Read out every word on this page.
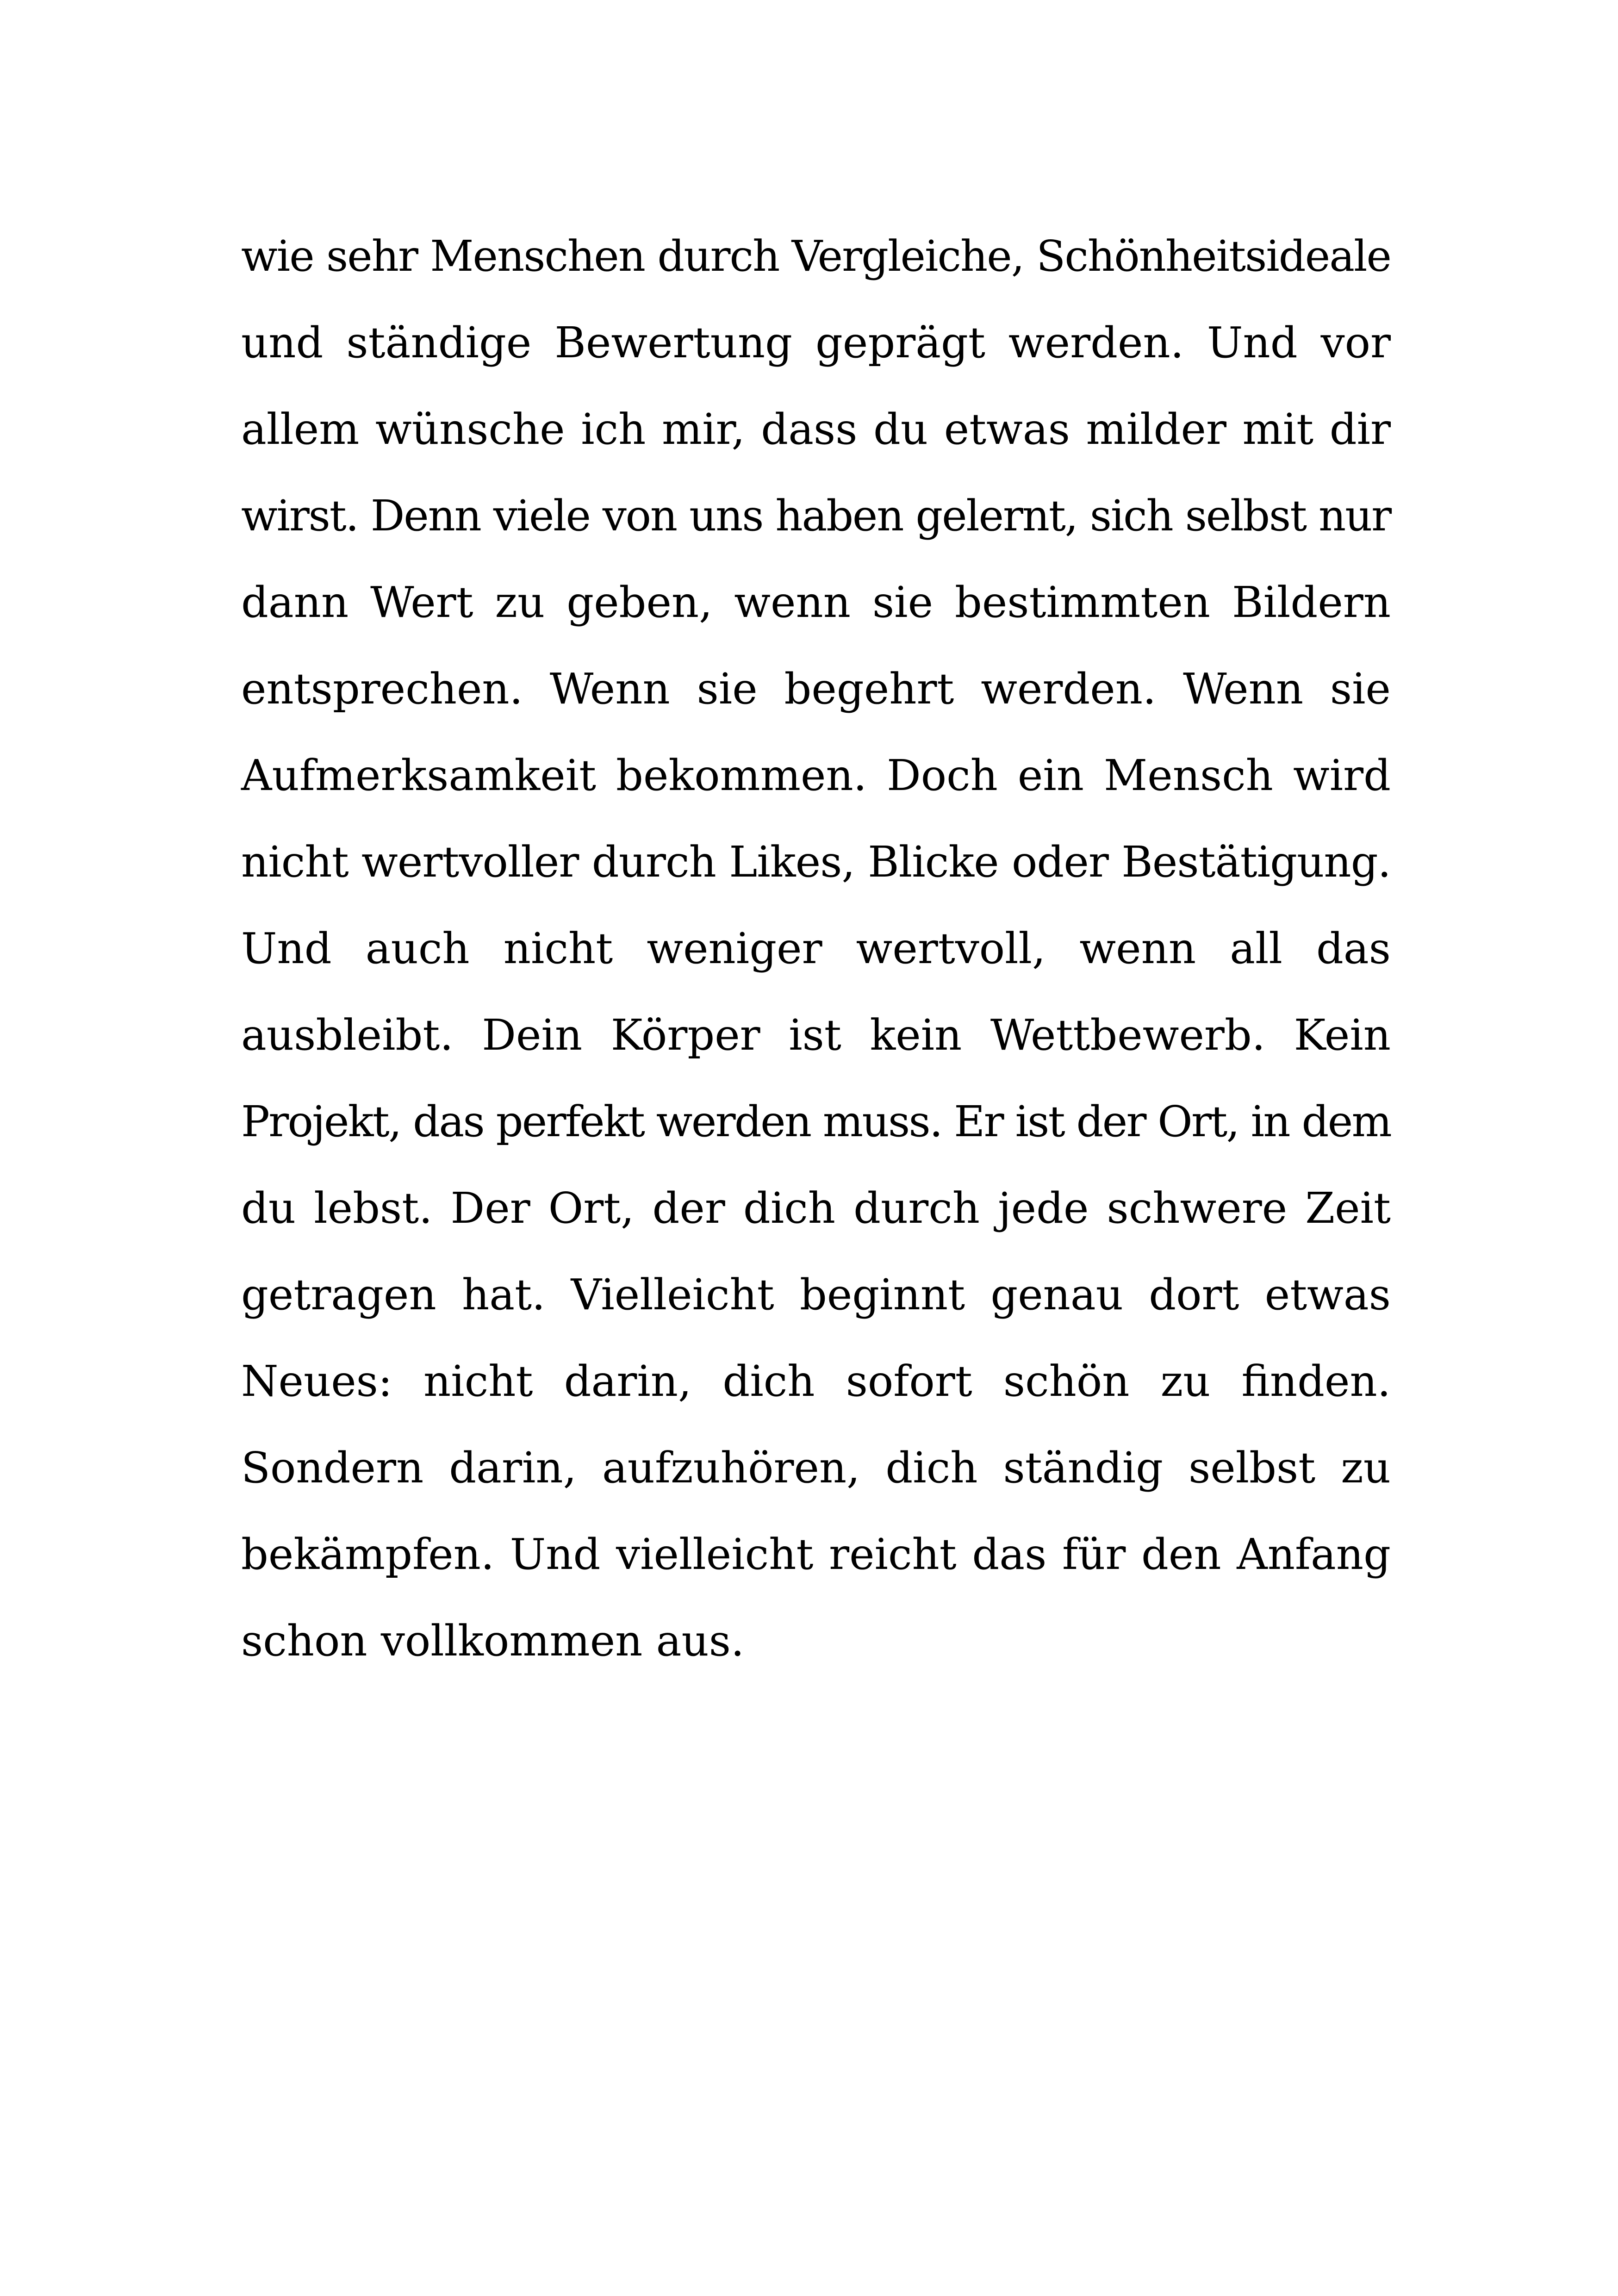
wie sehr Menschen durch Vergleiche, Schönheitsideale
und ständige Bewertung geprägt werden. Und vor
allem wünsche ich mir, dass du etwas milder mit dir
wirst. Denn viele von uns haben gelernt, sich selbst nur
dann Wert zu geben, wenn sie bestimmten Bildern
entsprechen. Wenn sie begehrt werden. Wenn sie
Aufmerksamkeit bekommen. Doch ein Mensch wird
nicht wertvoller durch Likes, Blicke oder Bestätigung.
Und auch nicht weniger wertvoll, wenn all das
ausbleibt. Dein Körper ist kein Wettbewerb. Kein
Projekt, das perfekt werden muss. Er ist der Ort, in dem
du lebst. Der Ort, der dich durch jede schwere Zeit
getragen hat. Vielleicht beginnt genau dort etwas
Neues: nicht darin, dich sofort schön zu finden.
Sondern darin, aufzuhören, dich ständig selbst zu
bekämpfen. Und vielleicht reicht das für den Anfang
schon vollkommen aus.
